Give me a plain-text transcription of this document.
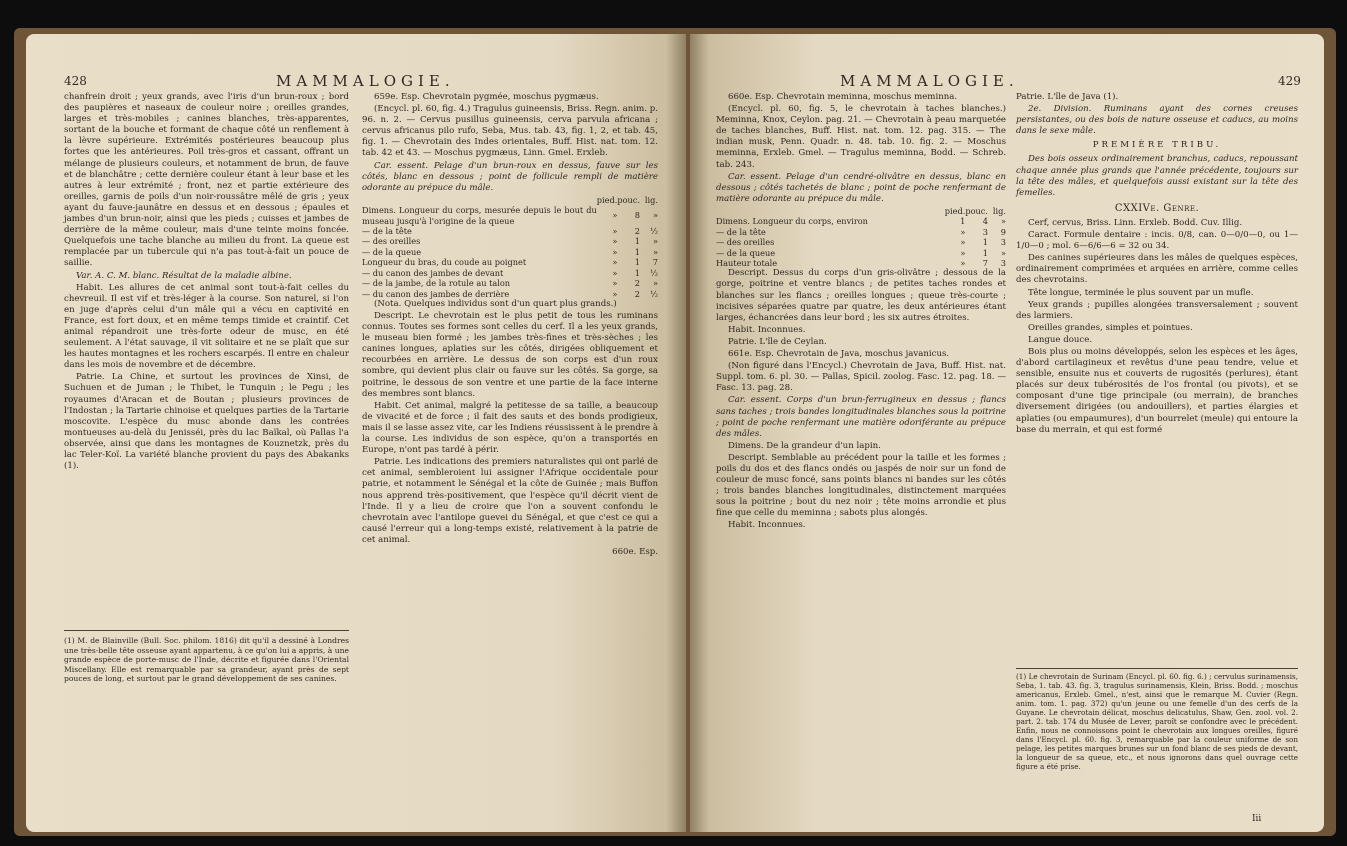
428	MAMMALOGIE.

chanfrein droit ; yeux grands, avec l'iris d'un brun-roux ; bord des paupières et naseaux de couleur noire ; oreilles grandes, larges et très-mobiles ; canines blanches, très-apparentes, sortant de la bouche et formant de chaque côté un renflement à la lèvre supérieure. Extrémités postérieures beaucoup plus fortes que les antérieures. Poil très-gros et cassant, offrant un mélange de plusieurs couleurs, et notamment de brun, de fauve et de blanchâtre ; cette dernière couleur étant à leur base et les autres à leur extrémité ; front, nez et partie extérieure des oreilles, garnis de poils d'un noir-roussâtre mêlé de gris ; yeux ayant du fauve-jaunâtre en dessus et en dessous ; épaules et jambes d'un brun-noir, ainsi que les pieds ; cuisses et jambes de derrière de la même couleur, mais d'une teinte moins foncée. Quelquefois une tache blanche au milieu du front. La queue est remplacée par un tubercule qui n'a pas tout-à-fait un pouce de saillie.

Var. A. C. M. blanc. Résultat de la maladie albine.

Habit. Les allures de cet animal sont tout-à-fait celles du chevreuil. Il est vif et très-léger à la course. Son naturel, si l'on en juge d'après celui d'un mâle qui a vécu en captivité en France, est fort doux, et en même temps timide et craintif. Cet animal répandroit une très-forte odeur de musc, en été seulement. A l'état sauvage, il vit solitaire et ne se plaît que sur les hautes montagnes et les rochers escarpés. Il entre en chaleur dans les mois de novembre et de décembre.

Patrie. La Chine, et surtout les provinces de Xinsi, de Suchuen et de Juman ; le Thibet, le Tunquin ; le Pegu ; les royaumes d'Aracan et de Boutan ; plusieurs provinces de l'Indostan ; la Tartarie chinoise et quelques parties de la Tartarie moscovite. L'espèce du musc abonde dans les contrées montueuses au-delà du Jenisséi, près du lac Baïkal, où Pallas l'a observée, ainsi que dans les montagnes de Kouznetzk, près du lac Teler-Koï. La variété blanche provient du pays des Abakanks (1).

(1) M. de Blainville (Bull. Soc. philom. 1816) dit qu'il a dessiné à Londres une très-belle tête osseuse ayant appartenu, à ce qu'on lui a appris, à une grande espèce de porte-musc de l'Inde, décrite et figurée dans l'Oriental Miscellany. Elle est remarquable par sa grandeur, ayant près de sept pouces de long, et surtout par le grand développement de ses canines.

659e. Esp. Chevrotain pygmée, moschus pygmæus.

(Encycl. pl. 60, fig. 4.) Tragulus guineensis, Briss. Regn. anim. p. 96. n. 2. — Cervus pusillus guineensis, cerva parvula africana ; cervus africanus pilo rufo, Seba, Mus. tab. 43, fig. 1, 2, et tab. 45, fig. 1. — Chevrotain des Indes orientales, Buff. Hist. nat. tom. 12. tab. 42 et 43. — Moschus pygmæus, Linn. Gmel. Erxleb.

Car. essent. Pelage d'un brun-roux en dessus, fauve sur les côtés, blanc en dessous ; point de follicule rempli de matière odorante au prépuce du mâle.

	pied.	pouc.	lig.
Dimens. Longueur du corps, mesurée depuis le bout du museau jusqu'à l'origine de la queue	»	8	»
— de la tête	»	2	½
— des oreilles	»	1	»
— de la queue	»	1	»
Longueur du bras, du coude au poignet	»	1	7
— du canon des jambes de devant	»	1	½
— de la jambe, de la rotule au talon	»	2	»
— du canon des jambes de derrière	»	2	½

(Nota. Quelques individus sont d'un quart plus grands.)

Descript. Le chevrotain est le plus petit de tous les ruminans connus. Toutes ses formes sont celles du cerf. Il a les yeux grands, le museau bien formé ; les jambes très-fines et très-sèches ; les canines longues, aplaties sur les côtés, dirigées obliquement et recourbées en arrière. Le dessus de son corps est d'un roux sombre, qui devient plus clair ou fauve sur les côtés. Sa gorge, sa poitrine, le dessous de son ventre et une partie de la face interne des membres sont blancs.

Habit. Cet animal, malgré la petitesse de sa taille, a beaucoup de vivacité et de force ; il fait des sauts et des bonds prodigieux, mais il se lasse assez vite, car les Indiens réussissent à le prendre à la course. Les individus de son espèce, qu'on a transportés en Europe, n'ont pas tardé à périr.

Patrie. Les indications des premiers naturalistes qui ont parlé de cet animal, sembleroient lui assigner l'Afrique occidentale pour patrie, et notamment le Sénégal et la côte de Guinée ; mais Buffon nous apprend très-positivement, que l'espèce qu'il décrit vient de l'Inde. Il y a lieu de croire que l'on a souvent confondu le chevrotain avec l'antilope guevei du Sénégal, et que c'est ce qui a causé l'erreur qui a long-temps existé, relativement à la patrie de cet animal.

660e. Esp.

MAMMALOGIE.	429

660e. Esp. Chevrotain meminna, moschus meminna.

(Encycl. pl. 60, fig. 5, le chevrotain à taches blanches.) Meminna, Knox, Ceylon. pag. 21. — Chevrotain à peau marquetée de taches blanches, Buff. Hist. nat. tom. 12. pag. 315. — The indian musk, Penn. Quadr. n. 48. tab. 10. fig. 2. — Moschus meminna, Erxleb. Gmel. — Tragulus meminna, Bodd. — Schreb. tab. 243.

Car. essent. Pelage d'un cendré-olivâtre en dessus, blanc en dessous ; côtés tachetés de blanc ; point de poche renfermant de matière odorante au prépuce du mâle.

	pied.	pouc.	lig.
Dimens. Longueur du corps, environ	1	4	»
— de la tête	»	3	9
— des oreilles	»	1	3
— de la queue	»	1	»
Hauteur totale	»	7	3

Descript. Dessus du corps d'un gris-olivâtre ; dessous de la gorge, poitrine et ventre blancs ; de petites taches rondes et blanches sur les flancs ; oreilles longues ; queue très-courte ; incisives séparées quatre par quatre, les deux antérieures étant larges, échancrées dans leur bord ; les six autres étroites.

Habit. Inconnues.

Patrie. L'île de Ceylan.

661e. Esp. Chevrotain de Java, moschus javanicus.

(Non figuré dans l'Encycl.) Chevrotain de Java, Buff. Hist. nat. Suppl. tom. 6. pl. 30. — Pallas, Spicil. zoolog. Fasc. 12. pag. 18. — Fasc. 13. pag. 28.

Car. essent. Corps d'un brun-ferrugineux en dessus ; flancs sans taches ; trois bandes longitudinales blanches sous la poitrine ; point de poche renfermant une matière odoriférante au prépuce des mâles.

Dimens. De la grandeur d'un lapin.

Descript. Semblable au précédent pour la taille et les formes ; poils du dos et des flancs ondés ou jaspés de noir sur un fond de couleur de musc foncé, sans points blancs ni bandes sur les côtés ; trois bandes blanches longitudinales, distinctement marquées sous la poitrine ; bout du nez noir ; tête moins arrondie et plus fine que celle du meminna ; sabots plus alongés.

Habit. Inconnues.

Patrie. L'île de Java (1).

2e. Division. Ruminans ayant des cornes creuses persistantes, ou des bois de nature osseuse et caducs, au moins dans le sexe mâle.

PREMIÈRE TRIBU.

Des bois osseux ordinairement branchus, caducs, repoussant chaque année plus grands que l'année précédente, toujours sur la tête des mâles, et quelquefois aussi existant sur la tête des femelles.

CXXIVe. Genre.

Cerf, cervus, Briss. Linn. Erxleb. Bodd. Cuv. Illig.

Caract. Formule dentaire : incis. 0/8, can. 0—0/0—0, ou 1—1/0—0 ; mol. 6—6/6—6 = 32 ou 34.

Des canines supérieures dans les mâles de quelques espèces, ordinairement comprimées et arquées en arrière, comme celles des chevrotains.

Tête longue, terminée le plus souvent par un mufle.

Yeux grands ; pupilles alongées transversalement ; souvent des larmiers.

Oreilles grandes, simples et pointues.

Langue douce.

Bois plus ou moins développés, selon les espèces et les âges, d'abord cartilagineux et revêtus d'une peau tendre, velue et sensible, ensuite nus et couverts de rugosités (perlures), étant placés sur deux tubérosités de l'os frontal (ou pivots), et se composant d'une tige principale (ou merrain), de branches diversement dirigées (ou andouillers), et parties élargies et aplaties (ou empaumures), d'un bourrelet (meule) qui entoure la base du merrain, et qui est formé

(1) Le chevrotain de Surinam (Encycl. pl. 60. fig. 6.) ; cervulus surinamensis, Seba, 1. tab. 43. fig. 3, tragulus surinamensis, Klein, Briss. Bodd. ; moschus americanus, Erxleb. Gmel., n'est, ainsi que le remarque M. Cuvier (Regn. anim. tom. 1. pag. 372) qu'un jeune ou une femelle d'un des cerfs de la Guyane. Le chevrotain délicat, moschus delicatulus, Shaw, Gen. zool. vol. 2. part. 2. tab. 174 du Musée de Lever, paroît se confondre avec le précédent. Enfin, nous ne connoissons point le chevrotain aux longues oreilles, figuré dans l'Encycl. pl. 60. fig. 3, remarquable par la couleur uniforme de son pelage, les petites marques brunes sur un fond blanc de ses pieds de devant, la longueur de sa queue, etc., et nous ignorons dans quel ouvrage cette figure a été prise.
Iii
